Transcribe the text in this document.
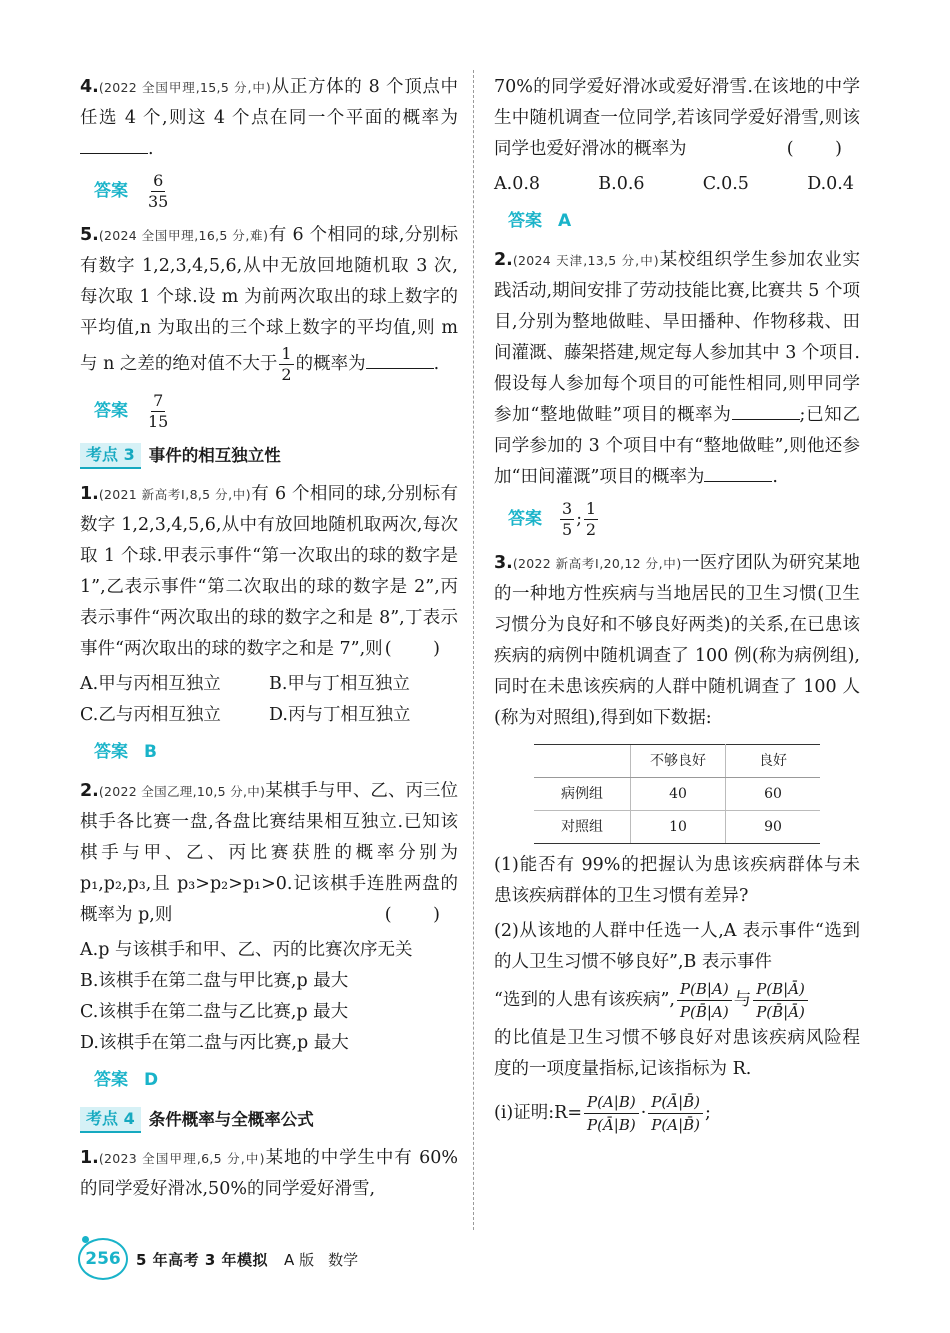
4.(2022 全国甲理,15,5 分,中)从正方体的 8 个顶点中任选 4 个,则这 4 个点在同一个平面的概率为.
答案 $\frac{6}{35}$
5.(2024 全国甲理,16,5 分,难)有 6 个相同的球,分别标有数字 1,2,3,4,5,6,从中无放回地随机取 3 次,每次取 1 个球.设 m 为前两次取出的球上数字的平均值,n 为取出的三个球上数字的平均值,则 m 与 n 之差的绝对值不大于 $\frac{1}{2}$ 的概率为	.
答案 $\frac{7}{15}$
考点 3 事件的相互独立性
1.(2021 新高考Ⅰ,8,5 分,中)有 6 个相同的球,分别标有数字 1,2,3,4,5,6,从中有放回地随机取两次,每次取 1 个球.甲表示事件“第一次取出的球的数字是 1”,乙表示事件“第二次取出的球的数字是 2”,丙表示事件“两次取出的球的数字之和是 8”,丁表示事件“两次取出的球的数字之和是 7”,则 ( )
A.甲与丙相互独立	B.甲与丁相互独立
C.乙与丙相互独立	D.丙与丁相互独立
答案 B
2.(2022 全国乙理,10,5 分,中)某棋手与甲、乙、丙三位棋手各比赛一盘,各盘比赛结果相互独立.已知该棋手与甲、乙、丙比赛获胜的概率分别为 p₁,p₂,p₃,且 p₃>p₂>p₁>0.记该棋手连胜两盘的概率为 p,则	( )
A.p 与该棋手和甲、乙、丙的比赛次序无关
B.该棋手在第二盘与甲比赛,p 最大
C.该棋手在第二盘与乙比赛,p 最大
D.该棋手在第二盘与丙比赛,p 最大
答案 D
考点 4 条件概率与全概率公式
1.(2023 全国甲理,6,5 分,中)某地的中学生中有 60%的同学爱好滑冰,50%的同学爱好滑雪,
70%的同学爱好滑冰或爱好滑雪.在该地的中学生中随机调查一位同学,若该同学爱好滑雪,则该同学也爱好滑冰的概率为	( )
A.0.8	B.0.6	C.0.5	D.0.4
答案 A
2.(2024 天津,13,5 分,中)某校组织学生参加农业实践活动,期间安排了劳动技能比赛,比赛共 5 个项目,分别为整地做畦、旱田播种、作物移栽、田间灌溉、藤架搭建,规定每人参加其中 3 个项目.假设每人参加每个项目的可能性相同,则甲同学参加“整地做畦”项目的概率为	;已知乙同学参加的 3 个项目中有“整地做畦”,则他还参加“田间灌溉”项目的概率为	.
答案 $\frac{3}{5}$ ; $\frac{1}{2}$
3.(2022 新高考Ⅰ,20,12 分,中)一医疗团队为研究某地的一种地方性疾病与当地居民的卫生习惯(卫生习惯分为良好和不够良好两类)的关系,在已患该疾病的病例中随机调查了 100 例(称为病例组),同时在未患该疾病的人群中随机调查了 100 人(称为对照组),得到如下数据:
	不够良好	良好
病例组	40	60
对照组	10	90
(1)能否有 99%的把握认为患该疾病群体与未患该疾病群体的卫生习惯有差异?
(2)从该地的人群中任选一人,A 表示事件“选到的人卫生习惯不够良好”,B 表示事件
“选到的人患有该疾病”, $\frac{P(B|A)}{P(B̄|A)}$ 与 $\frac{P(B|Ā)}{P(B̄|Ā)}$

的比值是卫生习惯不够良好对患该疾病风险程度的一项度量指标,记该指标为 R.
(ⅰ)证明:R= $\frac{P(A|B)}{P(Ā|B)} \cdot \frac{P(Ā|B̄)}{P(A|B̄)}$ ;
256 5 年高考 3 年模拟 A 版 数学
